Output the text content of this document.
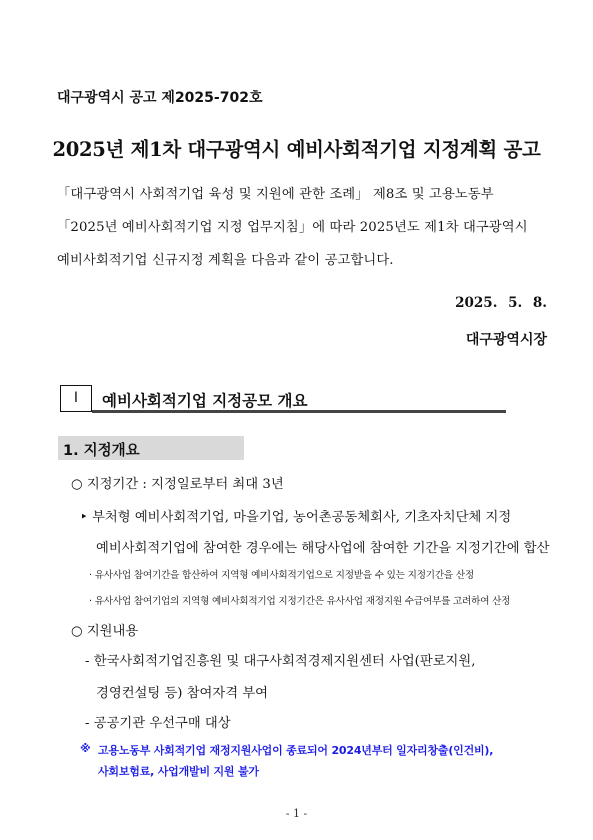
대구광역시 공고 제2025-702호
2025년 제1차 대구광역시 예비사회적기업 지정계획 공고
「대구광역시 사회적기업 육성 및 지원에 관한 조례」 제8조 및 고용노동부
「2025년 예비사회적기업 지정 업무지침」에 따라 2025년도 제1차 대구광역시
예비사회적기업 신규지정 계획을 다음과 같이 공고합니다.
2025. 5. 8.
대구광역시장
Ⅰ	예비사회적기업 지정공모 개요
1. 지정개요
○ 지정기간 : 지정일로부터 최대 3년
‣ 부처형 예비사회적기업, 마을기업, 농어촌공동체회사, 기초자치단체 지정
예비사회적기업에 참여한 경우에는 해당사업에 참여한 기간을 지정기간에 합산
· 유사사업 참여기간을 합산하여 지역형 예비사회적기업으로 지정받을 수 있는 지정기간을 산정
· 유사사업 참여기업의 지역형 예비사회적기업 지정기간은 유사사업 재정지원 수급여부를 고려하여 산정
○ 지원내용
- 한국사회적기업진흥원 및 대구사회적경제지원센터 사업(판로지원,
경영컨설팅 등) 참여자격 부여
- 공공기관 우선구매 대상
※ 고용노동부 사회적기업 재정지원사업이 종료되어 2024년부터 일자리창출(인건비),
사회보험료, 사업개발비 지원 불가
- 1 -
